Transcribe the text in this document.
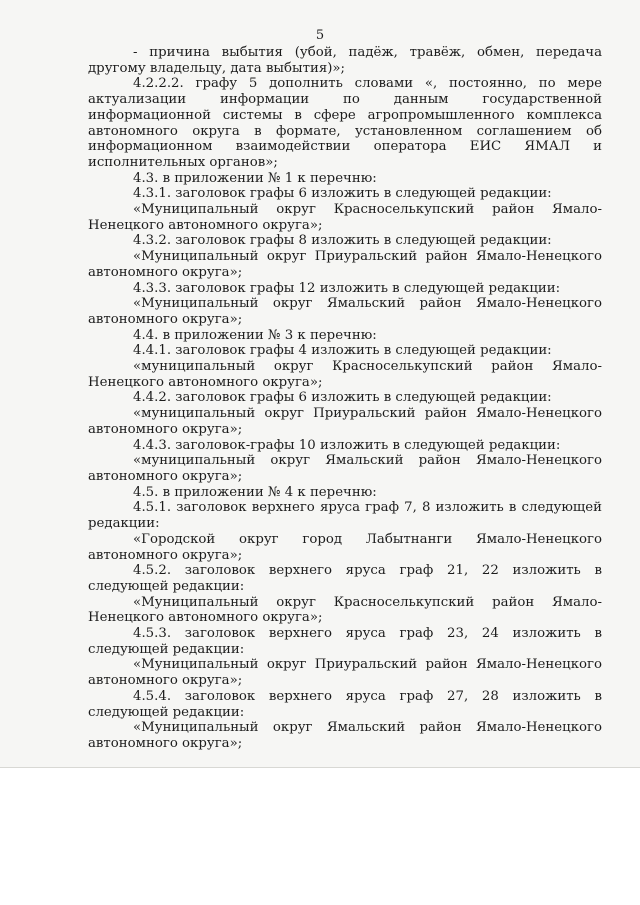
5

- причина выбытия (убой, падёж, травёж, обмен, передача другому владельцу, дата выбытия)»;

4.2.2.2. графу 5 дополнить словами «, постоянно, по мере актуализации информации по данным государственной информационной системы в сфере агропромышленного комплекса автономного округа в формате, установленном соглашением об информационном взаимодействии оператора ЕИС ЯМАЛ и исполнительных органов»;

4.3. в приложении № 1 к перечню:

4.3.1. заголовок графы 6 изложить в следующей редакции:

«Муниципальный округ Красноселькупский район Ямало-Ненецкого автономного округа»;

4.3.2. заголовок графы 8 изложить в следующей редакции:

«Муниципальный округ Приуральский район Ямало-Ненецкого автономного округа»;

4.3.3. заголовок графы 12 изложить в следующей редакции:

«Муниципальный округ Ямальский район Ямало-Ненецкого автономного округа»;

4.4. в приложении № 3 к перечню:

4.4.1. заголовок графы 4 изложить в следующей редакции:

«муниципальный округ Красноселькупский район Ямало-Ненецкого автономного округа»;

4.4.2. заголовок графы 6 изложить в следующей редакции:

«муниципальный округ Приуральский район Ямало-Ненецкого автономного округа»;

4.4.3. заголовок-графы 10 изложить в следующей редакции:

«муниципальный округ Ямальский район Ямало-Ненецкого автономного округа»;

4.5. в приложении № 4 к перечню:

4.5.1. заголовок верхнего яруса граф 7, 8 изложить в следующей редакции:

«Городской округ город Лабытнанги Ямало-Ненецкого автономного округа»;

4.5.2. заголовок верхнего яруса граф 21, 22 изложить в следующей редакции:

«Муниципальный округ Красноселькупский район Ямало-Ненецкого автономного округа»;

4.5.3. заголовок верхнего яруса граф 23, 24 изложить в следующей редакции:

«Муниципальный округ Приуральский район Ямало-Ненецкого автономного округа»;

4.5.4. заголовок верхнего яруса граф 27, 28 изложить в следующей редакции:

«Муниципальный округ Ямальский район Ямало-Ненецкого автономного округа»;
